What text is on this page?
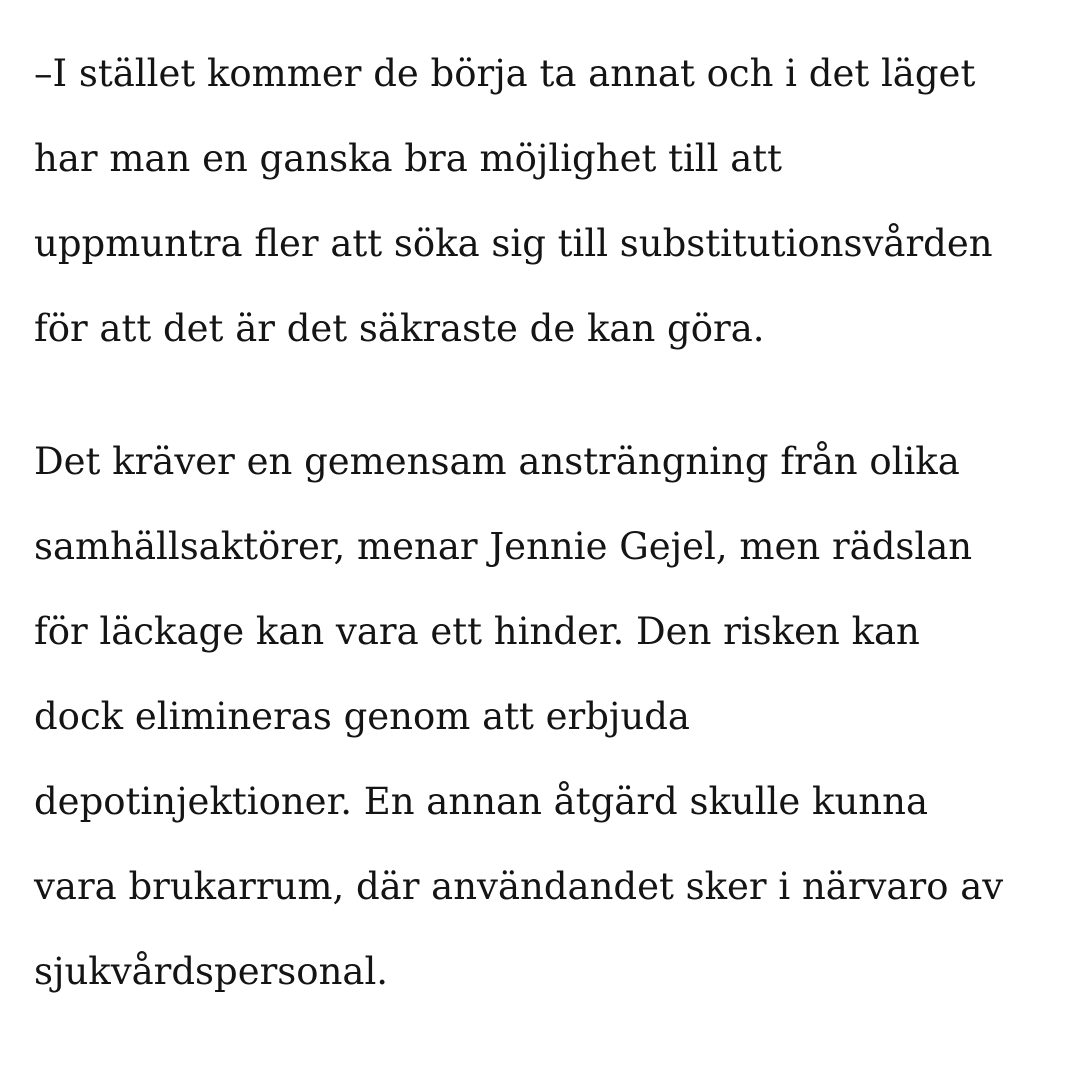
–I stället kommer de börja ta annat och i det läget
har man en ganska bra möjlighet till att
uppmuntra fler att söka sig till substitutionsvården
för att det är det säkraste de kan göra.

Det kräver en gemensam ansträngning från olika
samhällsaktörer, menar Jennie Gejel, men rädslan
för läckage kan vara ett hinder. Den risken kan
dock elimineras genom att erbjuda
depotinjektioner. En annan åtgärd skulle kunna
vara brukarrum, där användandet sker i närvaro av
sjukvårdspersonal.
